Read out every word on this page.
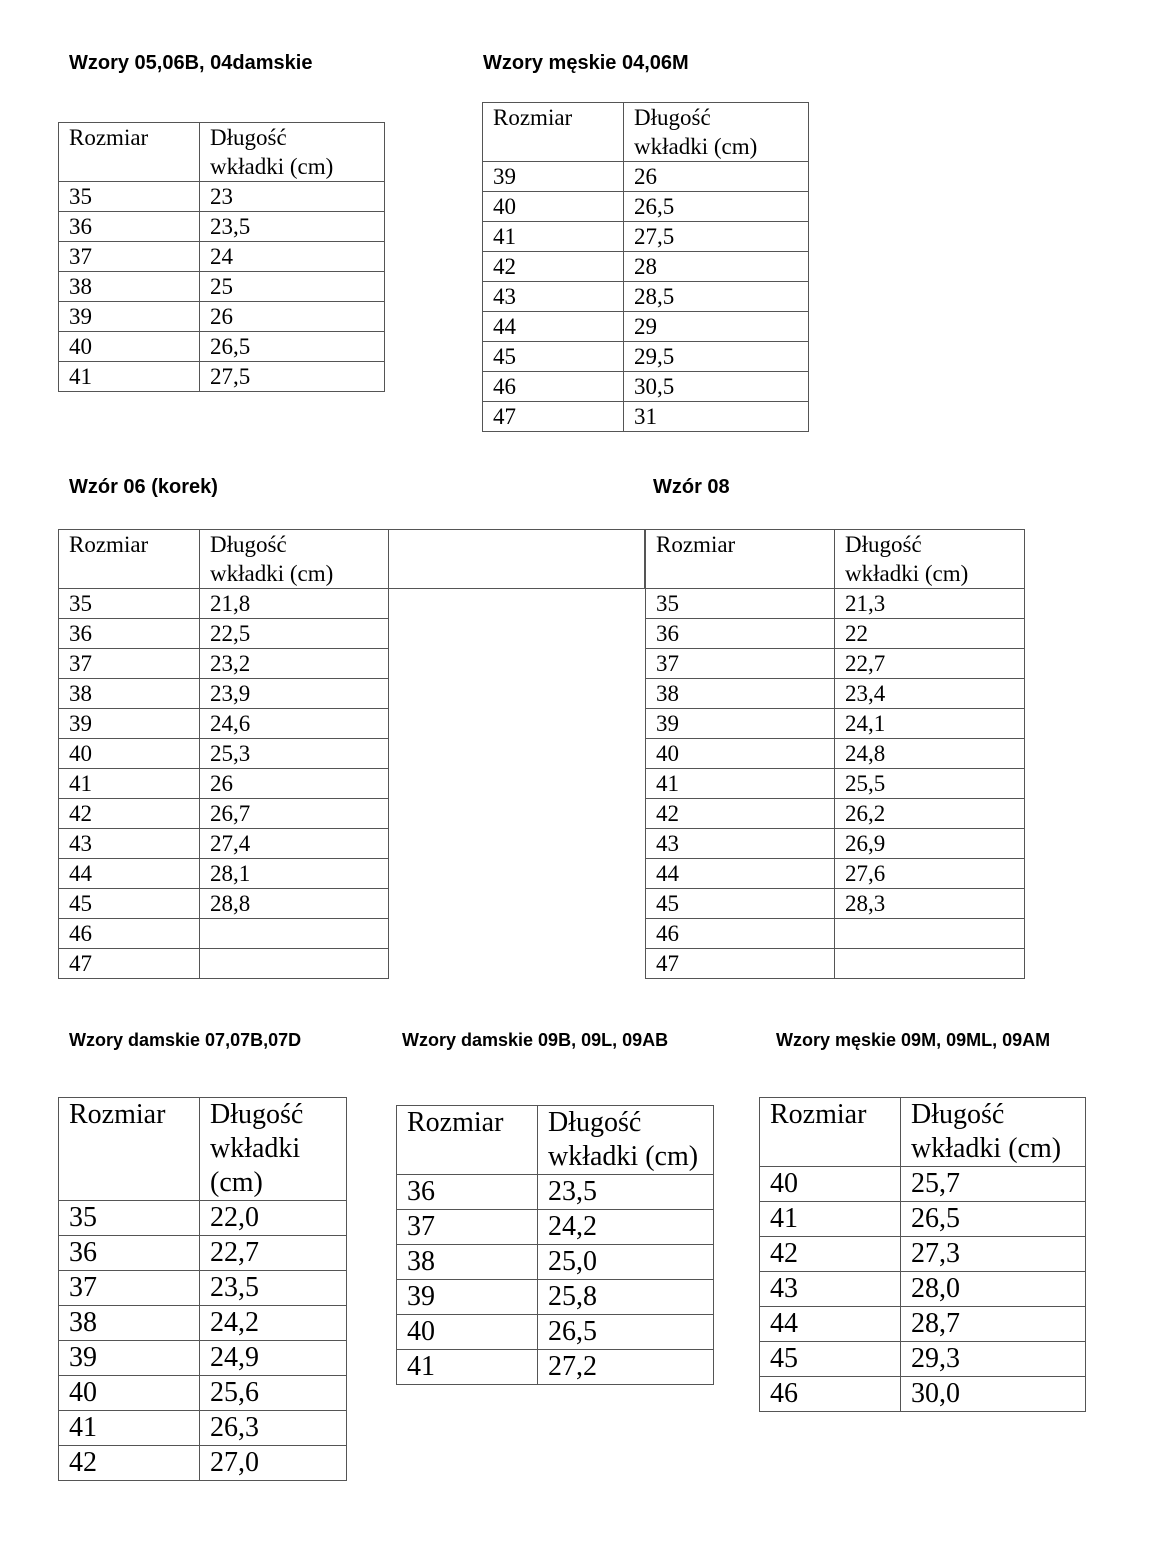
Wzory 05,06B, 04damskie
Rozmiar	Długość
wkładki (cm)
35	23
36	23,5
37	24
38	25
39	26
40	26,5
41	27,5
Wzory męskie 04,06M
Rozmiar	Długość
wkładki (cm)
39	26
40	26,5
41	27,5
42	28
43	28,5
44	29
45	29,5
46	30,5
47	31
Wzór 06 (korek)
Rozmiar	Długość
wkładki (cm)	
35	21,8	
36	22,5	
37	23,2	
38	23,9	
39	24,6	
40	25,3	
41	26	
42	26,7	
43	27,4	
44	28,1	
45	28,8	
46		
47		
Wzór 08
Rozmiar	Długość
wkładki (cm)
35	21,3
36	22
37	22,7
38	23,4
39	24,1
40	24,8
41	25,5
42	26,2
43	26,9
44	27,6
45	28,3
46	
47	
Wzory damskie 07,07B,07D
Rozmiar	Długość
wkładki
(cm)
35	22,0
36	22,7
37	23,5
38	24,2
39	24,9
40	25,6
41	26,3
42	27,0
Wzory damskie 09B, 09L, 09AB
Rozmiar	Długość
wkładki (cm)
36	23,5
37	24,2
38	25,0
39	25,8
40	26,5
41	27,2
Wzory męskie 09M, 09ML, 09AM
Rozmiar	Długość
wkładki (cm)
40	25,7
41	26,5
42	27,3
43	28,0
44	28,7
45	29,3
46	30,0
